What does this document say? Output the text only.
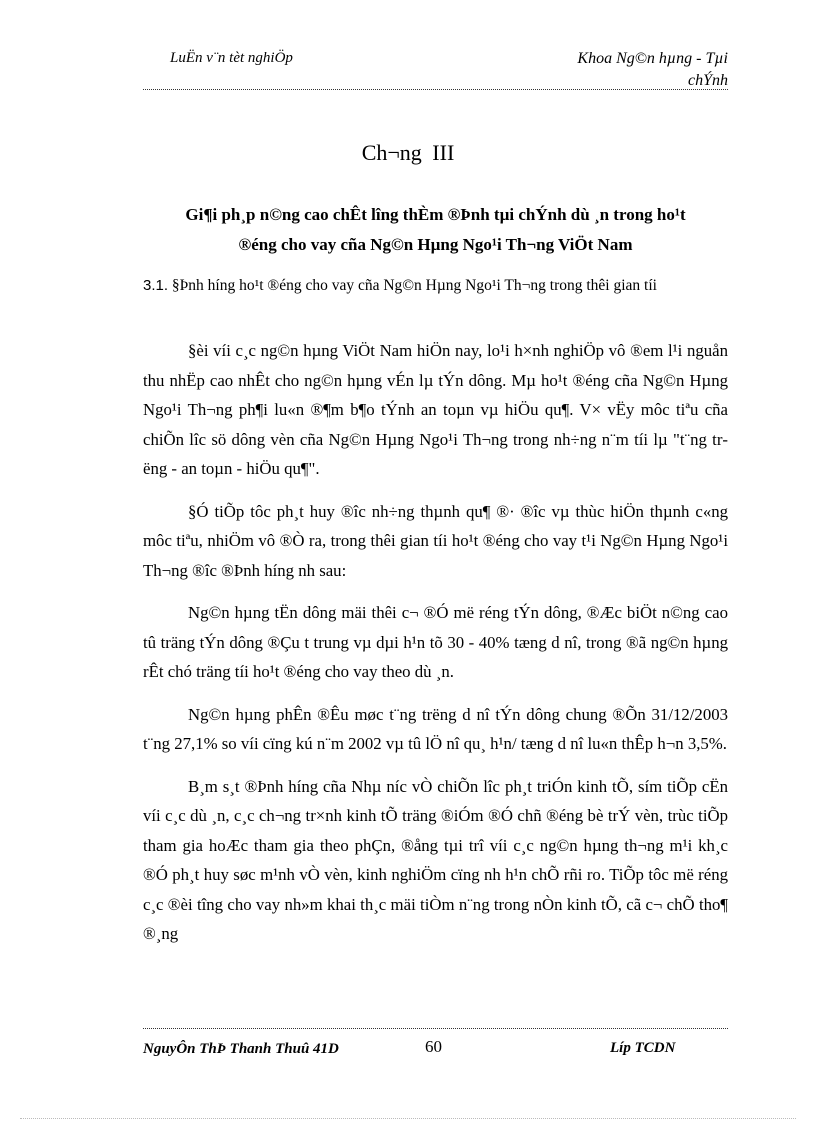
LuËn v¨n tèt nghiÖp	Khoa Ng©n hµng - Tµi chÝnh
Ch¬ng III
Gi¶i ph¸p n©ng cao chÊt lîng thÈm ®Þnh tµi chÝnh dù ¸n trong ho¹t
®éng cho vay cña Ng©n Hµng Ngo¹i Th¬ng ViÖt Nam
3.1. §Þnh híng ho¹t ®éng cho vay cña Ng©n Hµng Ngo¹i Th¬ng trong thêi gian tíi

§èi víi c¸c ng©n hµng ViÖt Nam hiÖn nay, lo¹i h×nh nghiÖp vô ®em l¹i nguån thu nhËp cao nhÊt cho ng©n hµng vÉn lµ tÝn dông. Mµ ho¹t ®éng cña Ng©n Hµng Ngo¹i Th¬ng ph¶i lu«n ®¶m b¶o tÝnh an toµn vµ hiÖu qu¶. V× vËy môc tiªu cña chiÕn lîc sö dông vèn cña Ng©n Hµng Ngo¹i Th¬ng trong nh÷ng n¨m tíi lµ "t¨ng trëng - an toµn - hiÖu qu¶".

§Ó tiÕp tôc ph¸t huy ®îc nh÷ng thµnh qu¶ ®· ®îc vµ thùc hiÖn thµnh c«ng môc tiªu, nhiÖm vô ®Ò ra, trong thêi gian tíi ho¹t ®éng cho vay t¹i Ng©n Hµng Ngo¹i Th¬ng ®îc ®Þnh híng nh sau:

Ng©n hµng tËn dông mäi thêi c¬ ®Ó më réng tÝn dông, ®Æc biÖt n©ng cao tû träng tÝn dông ®Çu t trung vµ dµi h¹n tõ 30 - 40% tæng d nî, trong ®ã ng©n hµng rÊt chó träng tíi ho¹t ®éng cho vay theo dù ¸n.

Ng©n hµng phÊn ®Êu møc t¨ng trëng d nî tÝn dông chung ®Õn 31/12/2003 t¨ng 27,1% so víi cïng kú n¨m 2002 vµ tû lÖ nî qu¸ h¹n/ tæng d nî lu«n thÊp h¬n 3,5%.

B¸m s¸t ®Þnh híng cña Nhµ níc vÒ chiÕn lîc ph¸t triÓn kinh tÕ, sím tiÕp cËn víi c¸c dù ¸n, c¸c ch¬ng tr×nh kinh tÕ träng ®iÓm ®Ó chñ ®éng bè trÝ vèn, trùc tiÕp tham gia hoÆc tham gia theo phÇn, ®ång tµi trî víi c¸c ng©n hµng th¬ng m¹i kh¸c ®Ó ph¸t huy søc m¹nh vÒ vèn, kinh nghiÖm cïng nh h¹n chÕ rñi ro. TiÕp tôc më réng c¸c ®èi tîng cho vay nh»m khai th¸c mäi tiÒm n¨ng trong nÒn kinh tÕ, cã c¬ chÕ tho¶ ®¸ng

NguyÔn ThÞ Thanh Thuû 41D	60	Líp TCDN
